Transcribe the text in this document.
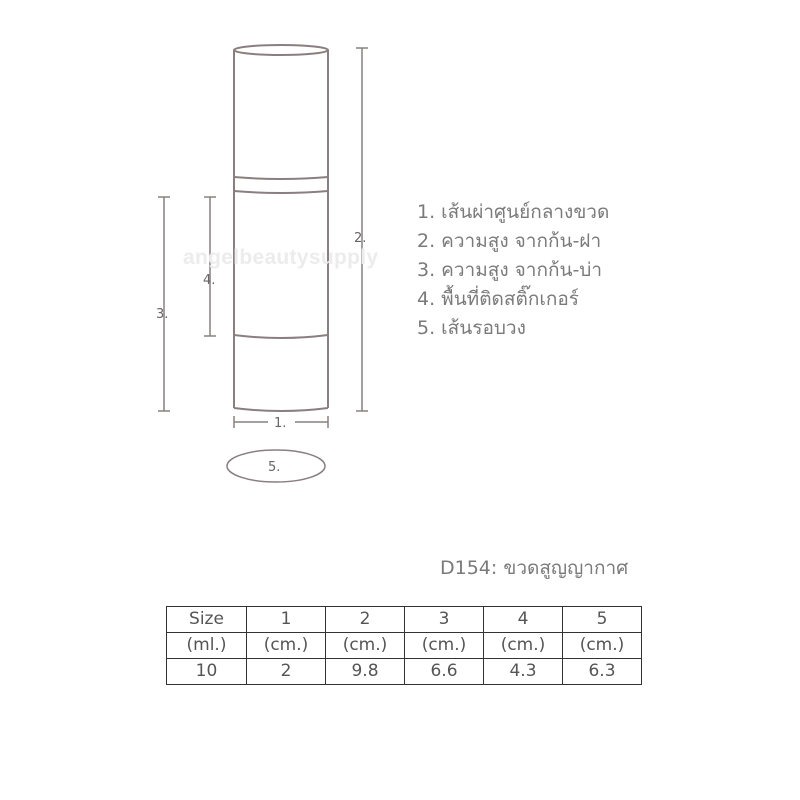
2.
3.
4.
1.
5.
angelbeautysupply
1. เส้นผ่าศูนย์กลางขวด
2. ความสูง จากก้น-ฝา
3. ความสูง จากก้น-บ่า
4. พื้นที่ติดสติ๊กเกอร์
5. เส้นรอบวง
D154: ขวดสูญญากาศ
Size	1	2	3	4	5
(ml.)	(cm.)	(cm.)	(cm.)	(cm.)	(cm.)
10	2	9.8	6.6	4.3	6.3
